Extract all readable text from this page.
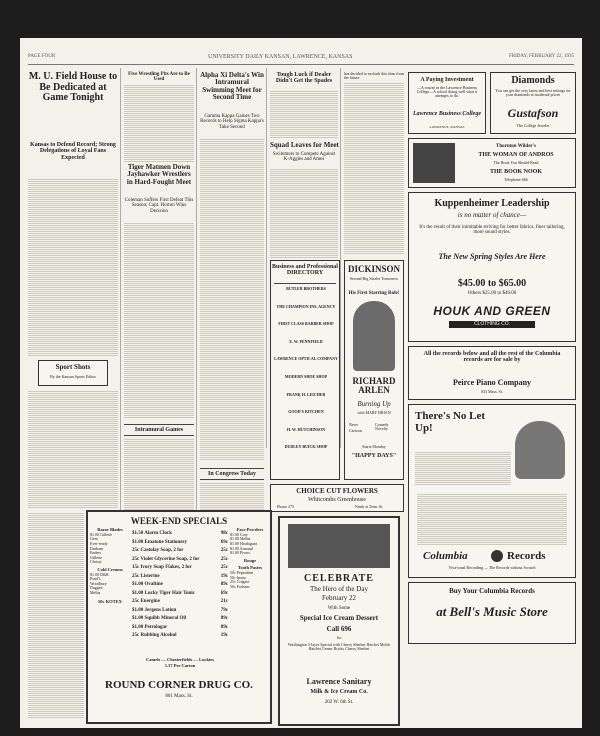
PAGE FOUR	UNIVERSITY DAILY KANSAN, LAWRENCE, KANSAS	FRIDAY, FEBRUARY 22, 1935
M. U. Field House to Be Dedicated at Game Tonight
Kansas to Defend Record; Strong Delegations of Loyal Fans Expected
Sport Shots
By the Kansan Sports Editor
Five Wrestling Pits Are to Be Used
Tiger Matmen Down Jayhawker Wrestlers in Hard-Fought Meet
Coleman Suffers First Defeat This Season; Capt. Horton Wins Decision
Intramural Games
Alpha Xi Delta's Win Intramural Swimming Meet for Second Time
Gamma Kappa Gaines Two Records to Help Sigma Kappa's Take Second
In Congress Today
Tough Luck if Dealer Didn't Get the Spades
Squad Leaves for Meet
Swimmers to Compete Against K-Aggies and Ames
has decided to exclude this item from the future
Business and Professional DIRECTORY
BUTLER BROTHERS
THE CHAMPION INS. AGENCY
FIRST CLASS BARBER SHOP
E. W. PENNFIELD
LAWRENCE OPTICAL COMPANY
MODERN SHOE SHOP
FRANK H. LEICHER
GOOD'S KITCHEN
H. W. HUTCHINSON
DUDLEY BUICK SHOP
DICKINSON
Second Big Sizzler Tomorrow
His First Starring Role!
RICHARD ARLEN
Burning Up
with MARY BRIAN
News
Cartoon
Comedy Novelty
Starts Monday
"HAPPY DAYS"
A Paying Investment
—A course in the Lawrence Business College—A school doing well what it attempts to do.
Lawrence Business College
LAWRENCE, KANSAS
Diamonds
You can get the very latest and best settings for your diamonds at moderate prices
Gustafson
The College Jeweler
Thornton Wilder's
THE WOMAN OF ANDROS
The Book You Should Read
THE BOOK NOOK
Telephone 666
Kuppenheimer Leadership
is no matter of chance—
It's the result of their inimitable striving for better fabrics, finer tailoring, more sound styles.
The New Spring Styles Are Here
$45.00 to $65.00
Others $25.00 to $40.00
HOUK AND GREEN
CLOTHING CO.
All the records below and all the rest of the Columbia records are for sale by
Peirce Piano Company
833 Mass. St.
There's No Let Up!
Columbia	Records
Viva-tonal Recording — The Records without Scratch
Buy Your Columbia Records
at Bell's Music Store
CHOICE CUT FLOWERS
Whitcombs Greenhouse
Phone 275	Ninth at Tenn. St.
CELEBRATE
The Hero of the Day
February 22
With Some
Special Ice Cream Dessert
Call 696
for
Washington 3-layer Special with Cherry Sherbet Hatchet Molds Hatchet Center Bricks Cherry Sherbet
Lawrence Sanitary
Milk & Ice Cream Co.
202 W. 6th St.
WEEK-END SPECIALS
Razor Blades
$1.00 Gillette
Gem
Ever-ready
Durham
Enders
Gillette
Christy
Cold Creams
$1.00 D&R
Pond's
Woodbury
Daggett
Melba
50c KOTEX
$1.50 Alarm Clock	98c
$1.00 Ematone Stationery	69c
25c Castolay Soap, 2 for	25c
25c Violet Glycerine Soap, 2 for	25c
15c Ivory Soap Flakes, 2 for	25c
25c Listerine	19c
$1.00 Ovaltine	89c
$1.00 Lucky Tiger Hair Tonic	69c
25c Energine	21c
$1.00 Jergens Lotion	79c
$1.00 Squibb Mineral Oil	89c
$1.00 Petrolagar	89c
25c Rubbing Alcohol	19c
Camels — Chesterfields — Luckies
1.37 Per Carton
Face Powders
$1.00 Coty
$1.00 Melba
$1.00 Houbigant
$1.00 Armand
$1.00 Pivers
Rouge
Tooth Pastes
50c Pepsodent
50c Ipana
25c Colgate
50c Forhans
ROUND CORNER DRUG CO.
801 Mass. St.
